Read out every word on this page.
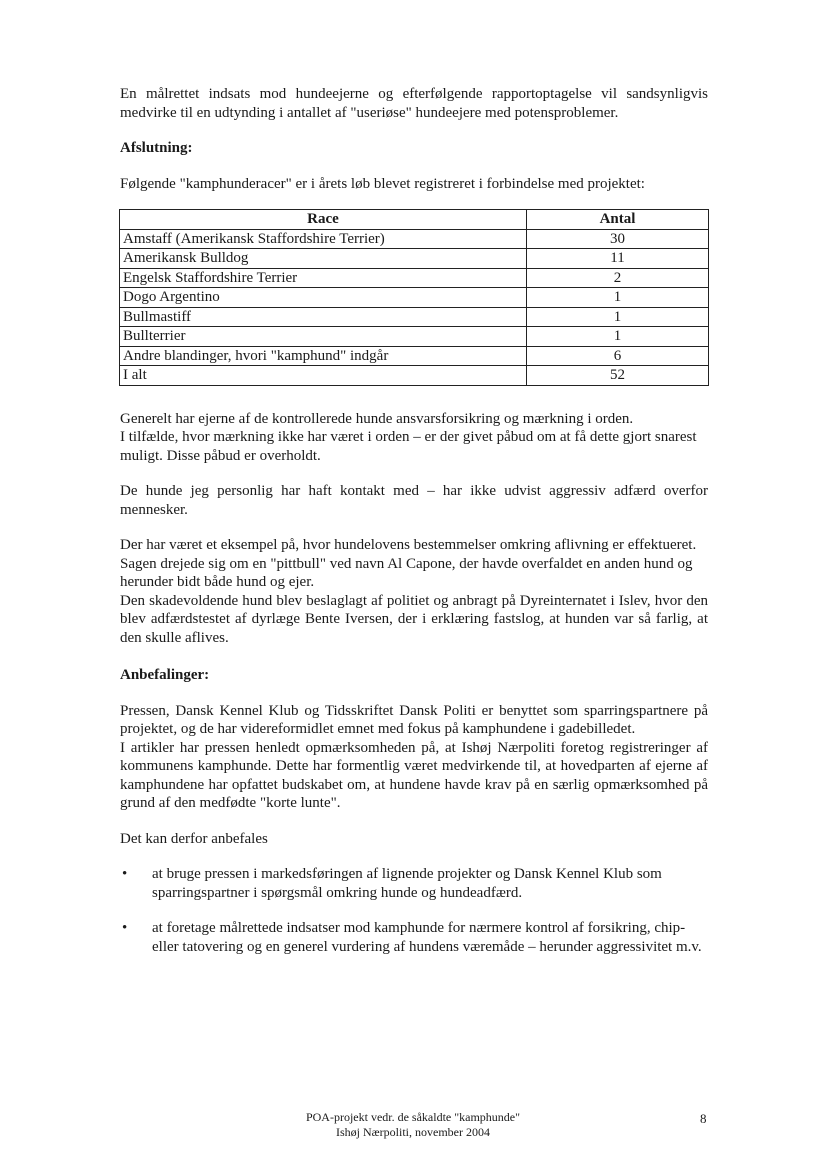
En målrettet indsats mod hundeejerne og efterfølgende rapportoptagelse vil sandsynligvis medvirke til en udtynding i antallet af "useriøse" hundeejere med potensproblemer.

Afslutning:

Følgende "kamphunderacer" er i årets løb blevet registreret i forbindelse med projektet:

Race	Antal
Amstaff (Amerikansk Staffordshire Terrier)	30
Amerikansk Bulldog	11
Engelsk Staffordshire Terrier	2
Dogo Argentino	1
Bullmastiff	1
Bullterrier	1
Andre blandinger, hvori "kamphund" indgår	6
I alt	52

Generelt har ejerne af de kontrollerede hunde ansvarsforsikring og mærkning i orden.

I tilfælde, hvor mærkning ikke har været i orden – er der givet påbud om at få dette gjort snarest muligt. Disse påbud er overholdt.

De hunde jeg personlig har haft kontakt med – har ikke udvist aggressiv adfærd overfor mennesker.

Der har været et eksempel på, hvor hundelovens bestemmelser omkring aflivning er effektueret.

Sagen drejede sig om en "pittbull" ved navn Al Capone, der havde overfaldet en anden hund og herunder bidt både hund og ejer.

Den skadevoldende hund blev beslaglagt af politiet og anbragt på Dyreinternatet i Islev, hvor den blev adfærdstestet af dyrlæge Bente Iversen, der i erklæring fastslog, at hunden var så farlig, at den skulle aflives.

Anbefalinger:

Pressen, Dansk Kennel Klub og Tidsskriftet Dansk Politi er benyttet som sparringspartnere på projektet, og de har videreformidlet emnet med fokus på kamphundene i gadebilledet.

I artikler har pressen henledt opmærksomheden på, at Ishøj Nærpoliti foretog registreringer af kommunens kamphunde. Dette har formentlig været medvirkende til, at hovedparten af ejerne af kamphundene har opfattet budskabet om, at hundene havde krav på en særlig opmærksomhed på grund af den medfødte "korte lunte".

Det kan derfor anbefales

• at bruge pressen i markedsføringen af lignende projekter og Dansk Kennel Klub som sparringspartner i spørgsmål omkring hunde og hundeadfærd.
• at foretage målrettede indsatser mod kamphunde for nærmere kontrol af forsikring, chip- eller tatovering og en generel vurdering af hundens væremåde – herunder aggressivitet m.v.
POA-projekt vedr. de såkaldte "kamphunde"
Ishøj Nærpoliti, november 2004
8
